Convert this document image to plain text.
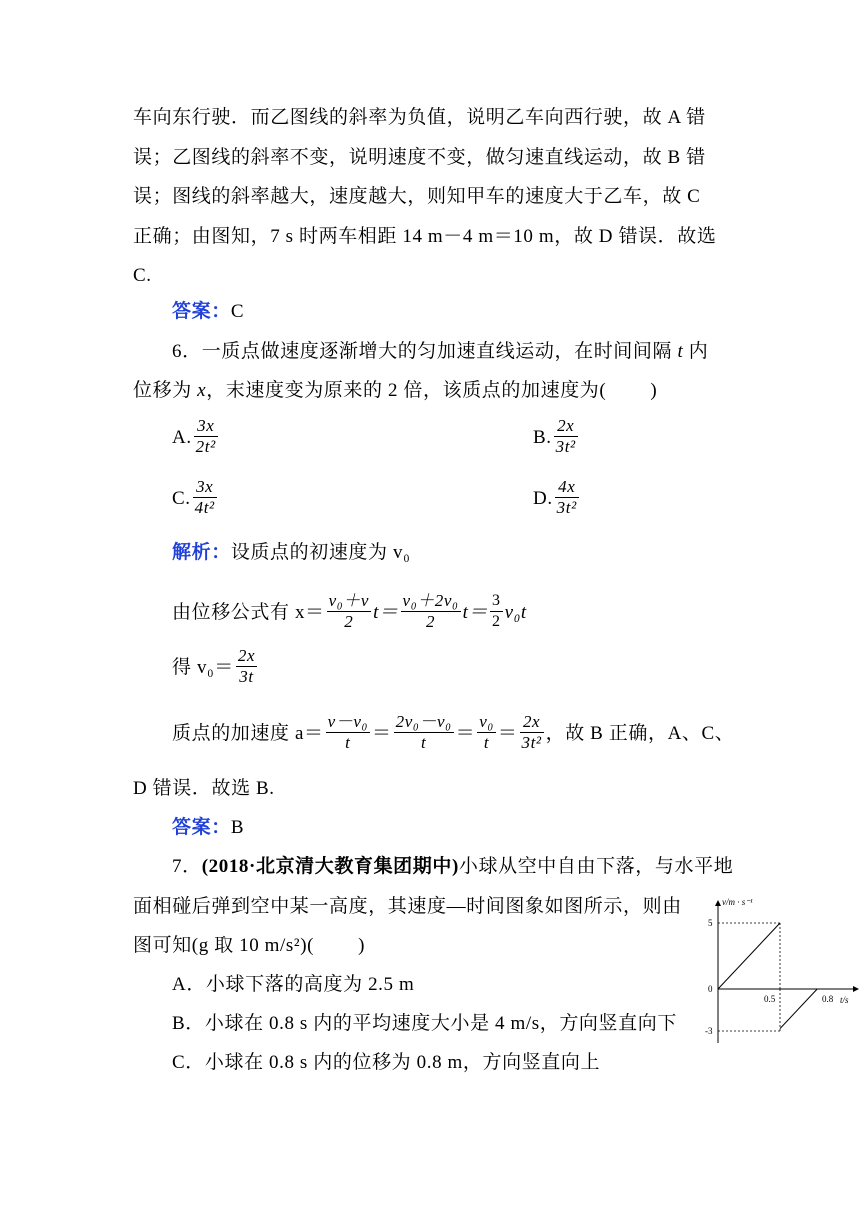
车向东行驶．而乙图线的斜率为负值，说明乙车向西行驶，故 A 错
误；乙图线的斜率不变，说明速度不变，做匀速直线运动，故 B 错
误；图线的斜率越大，速度越大，则知甲车的速度大于乙车，故 C
正确；由图知，7 s 时两车相距 14 m－4 m＝10 m，故 D 错误．故选
C.
答案：C
6．一质点做速度逐渐增大的匀加速直线运动，在时间间隔 t 内
位移为 x，末速度变为原来的 2 倍，该质点的加速度为( )
A. $\frac{3x}{\text{2t²}}$	B. $\frac{2x}{\text{3t²}}$
C. $\frac{3x}{\text{4t²}}$	D. $\frac{4x}{\text{3t²}}$
解析：设质点的初速度为 v₀
由位移公式有 $x= \frac{\text{v₀＋v}}{2} t= \frac{\text{v₀＋2v₀}}{2} t= \frac{3}{2} v_0t$
得 $v_0= \frac{2x}{3t}$
质点的加速度 $a= \frac{\text{v－v₀}}{t} = \frac{\text{2v₀－v₀}}{t} = \frac{\text{v₀}}{t} = \frac{2x}{\text{3t²}}$ ，故 B 正确，A、C、
D 错误．故选 B.
答案：B
7．(2018·北京清大教育集团期中)小球从空中自由下落，与水平地
面相碰后弹到空中某一高度，其速度—时间图象如图所示，则由
图可知(g 取 10 m/s²)( )
A．小球下落的高度为 2.5 m
B．小球在 0.8 s 内的平均速度大小是 4 m/s，方向竖直向下
C．小球在 0.8 s 内的位移为 0.8 m，方向竖直向上
v/m · s⁻¹
t/s
5
0
-3
0.5	0.8
